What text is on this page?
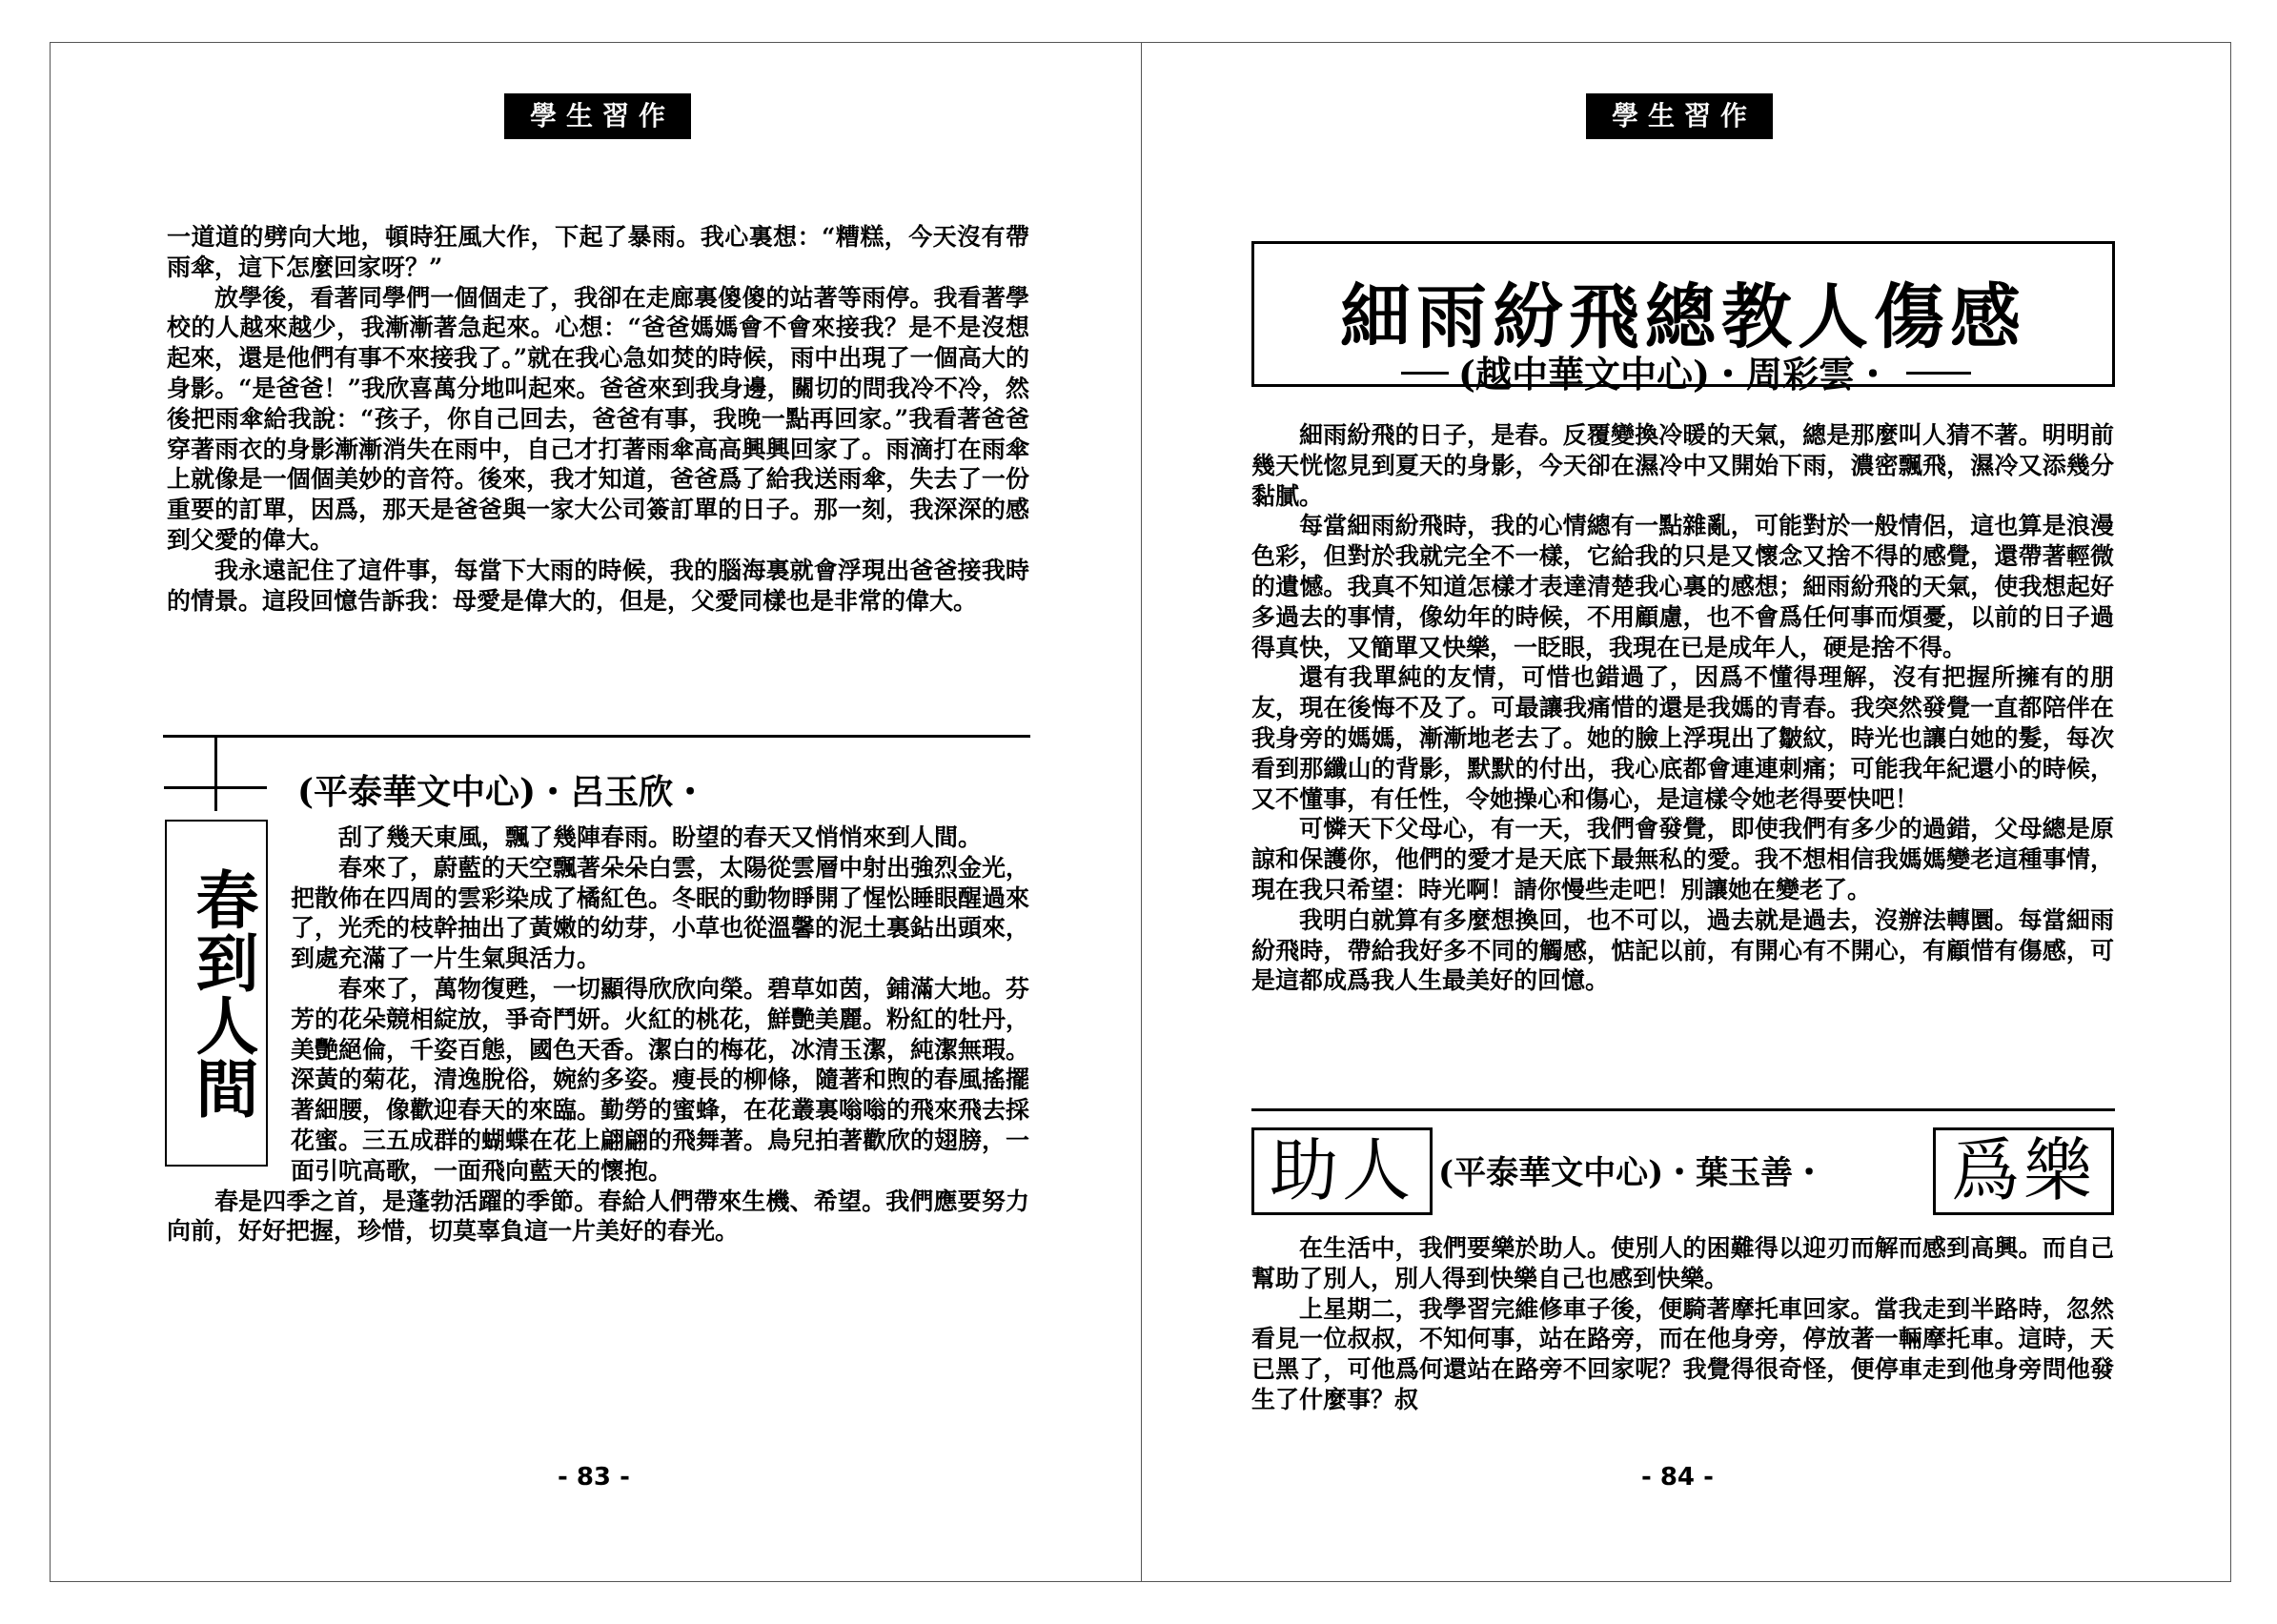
學生習作

一道道的劈向大地，頓時狂風大作，下起了暴雨。我心裏想：“糟糕，今天沒有帶雨傘，這下怎麼回家呀？”

放學後，看著同學們一個個走了，我卻在走廊裏傻傻的站著等雨停。我看著學校的人越來越少，我漸漸著急起來。心想：“爸爸媽媽會不會來接我？是不是沒想起來，還是他們有事不來接我了。”就在我心急如焚的時候，雨中出現了一個高大的身影。“是爸爸！”我欣喜萬分地叫起來。爸爸來到我身邊，關切的問我冷不冷，然後把雨傘給我說：“孩子，你自己回去，爸爸有事，我晚一點再回家。”我看著爸爸穿著雨衣的身影漸漸消失在雨中，自己才打著雨傘高高興興回家了。雨滴打在雨傘上就像是一個個美妙的音符。後來，我才知道，爸爸爲了給我送雨傘，失去了一份重要的訂單，因爲，那天是爸爸與一家大公司簽訂單的日子。那一刻，我深深的感到父愛的偉大。

我永遠記住了這件事，每當下大雨的時候，我的腦海裏就會浮現出爸爸接我時的情景。這段回憶告訴我：母愛是偉大的，但是，父愛同樣也是非常的偉大。

(平泰華文中心)・呂玉欣・
春到人間

刮了幾天東風，飄了幾陣春雨。盼望的春天又悄悄來到人間。

春來了，蔚藍的天空飄著朵朵白雲，太陽從雲層中射出強烈金光，把散佈在四周的雲彩染成了橘紅色。冬眠的動物睜開了惺忪睡眼醒過來了，光禿的枝幹抽出了黃嫩的幼芽，小草也從溫馨的泥土裏鉆出頭來，到處充滿了一片生氣與活力。

春來了，萬物復甦，一切顯得欣欣向榮。碧草如茵，鋪滿大地。芬芳的花朵競相綻放，爭奇鬥妍。火紅的桃花，鮮艷美麗。粉紅的牡丹，美艷絕倫，千姿百態，國色天香。潔白的梅花，冰清玉潔，純潔無瑕。深黃的菊花，清逸脫俗，婉約多姿。瘦長的柳條，隨著和煦的春風搖擺著細腰，像歡迎春天的來臨。勤勞的蜜蜂，在花叢裏嗡嗡的飛來飛去採花蜜。三五成群的蝴蝶在花上翩翩的飛舞著。鳥兒拍著歡欣的翅膀，一面引吭高歌，一面飛向藍天的懷抱。

春是四季之首，是蓬勃活躍的季節。春給人們帶來生機、希望。我們應要努力向前，好好把握，珍惜，切莫辜負這一片美好的春光。

- 83 -
學生習作
細雨紛飛總教人傷感
(越中華文中心)・周彩雲・

細雨紛飛的日子，是春。反覆變換冷暖的天氣，總是那麼叫人猜不著。明明前幾天恍惚見到夏天的身影，今天卻在濕冷中又開始下雨，濃密飄飛，濕冷又添幾分黏膩。

每當細雨紛飛時，我的心情總有一點雜亂，可能對於一般情侶，這也算是浪漫色彩，但對於我就完全不一樣，它給我的只是又懷念又捨不得的感覺，還帶著輕微的遺憾。我真不知道怎樣才表達清楚我心裏的感想；細雨紛飛的天氣，使我想起好多過去的事情，像幼年的時候，不用顧慮，也不會爲任何事而煩憂，以前的日子過得真快，又簡單又快樂，一眨眼，我現在已是成年人，硬是捨不得。

還有我單純的友情，可惜也錯過了，因爲不懂得理解，沒有把握所擁有的朋友，現在後悔不及了。可最讓我痛惜的還是我媽的青春。我突然發覺一直都陪伴在我身旁的媽媽，漸漸地老去了。她的臉上浮現出了皺紋，時光也讓白她的髮，每次看到那纖山的背影，默默的付出，我心底都會連連刺痛；可能我年紀還小的時候，又不懂事，有任性，令她操心和傷心，是這樣令她老得要快吧！

可憐天下父母心，有一天，我們會發覺，即使我們有多少的過錯，父母總是原諒和保護你，他們的愛才是天底下最無私的愛。我不想相信我媽媽變老這種事情，現在我只希望：時光啊！請你慢些走吧！別讓她在變老了。

我明白就算有多麼想換回，也不可以，過去就是過去，沒辦法轉圜。每當細雨紛飛時，帶給我好多不同的觸感，惦記以前，有開心有不開心，有顧惜有傷感，可是這都成爲我人生最美好的回憶。

助人 (平泰華文中心)・葉玉善・ 爲樂

在生活中，我們要樂於助人。使別人的困難得以迎刃而解而感到高興。而自己幫助了別人，別人得到快樂自己也感到快樂。

上星期二，我學習完維修車子後，便騎著摩托車回家。當我走到半路時，忽然看見一位叔叔，不知何事，站在路旁，而在他身旁，停放著一輛摩托車。這時，天已黑了，可他爲何還站在路旁不回家呢？我覺得很奇怪，便停車走到他身旁問他發生了什麼事？叔

- 84 -
